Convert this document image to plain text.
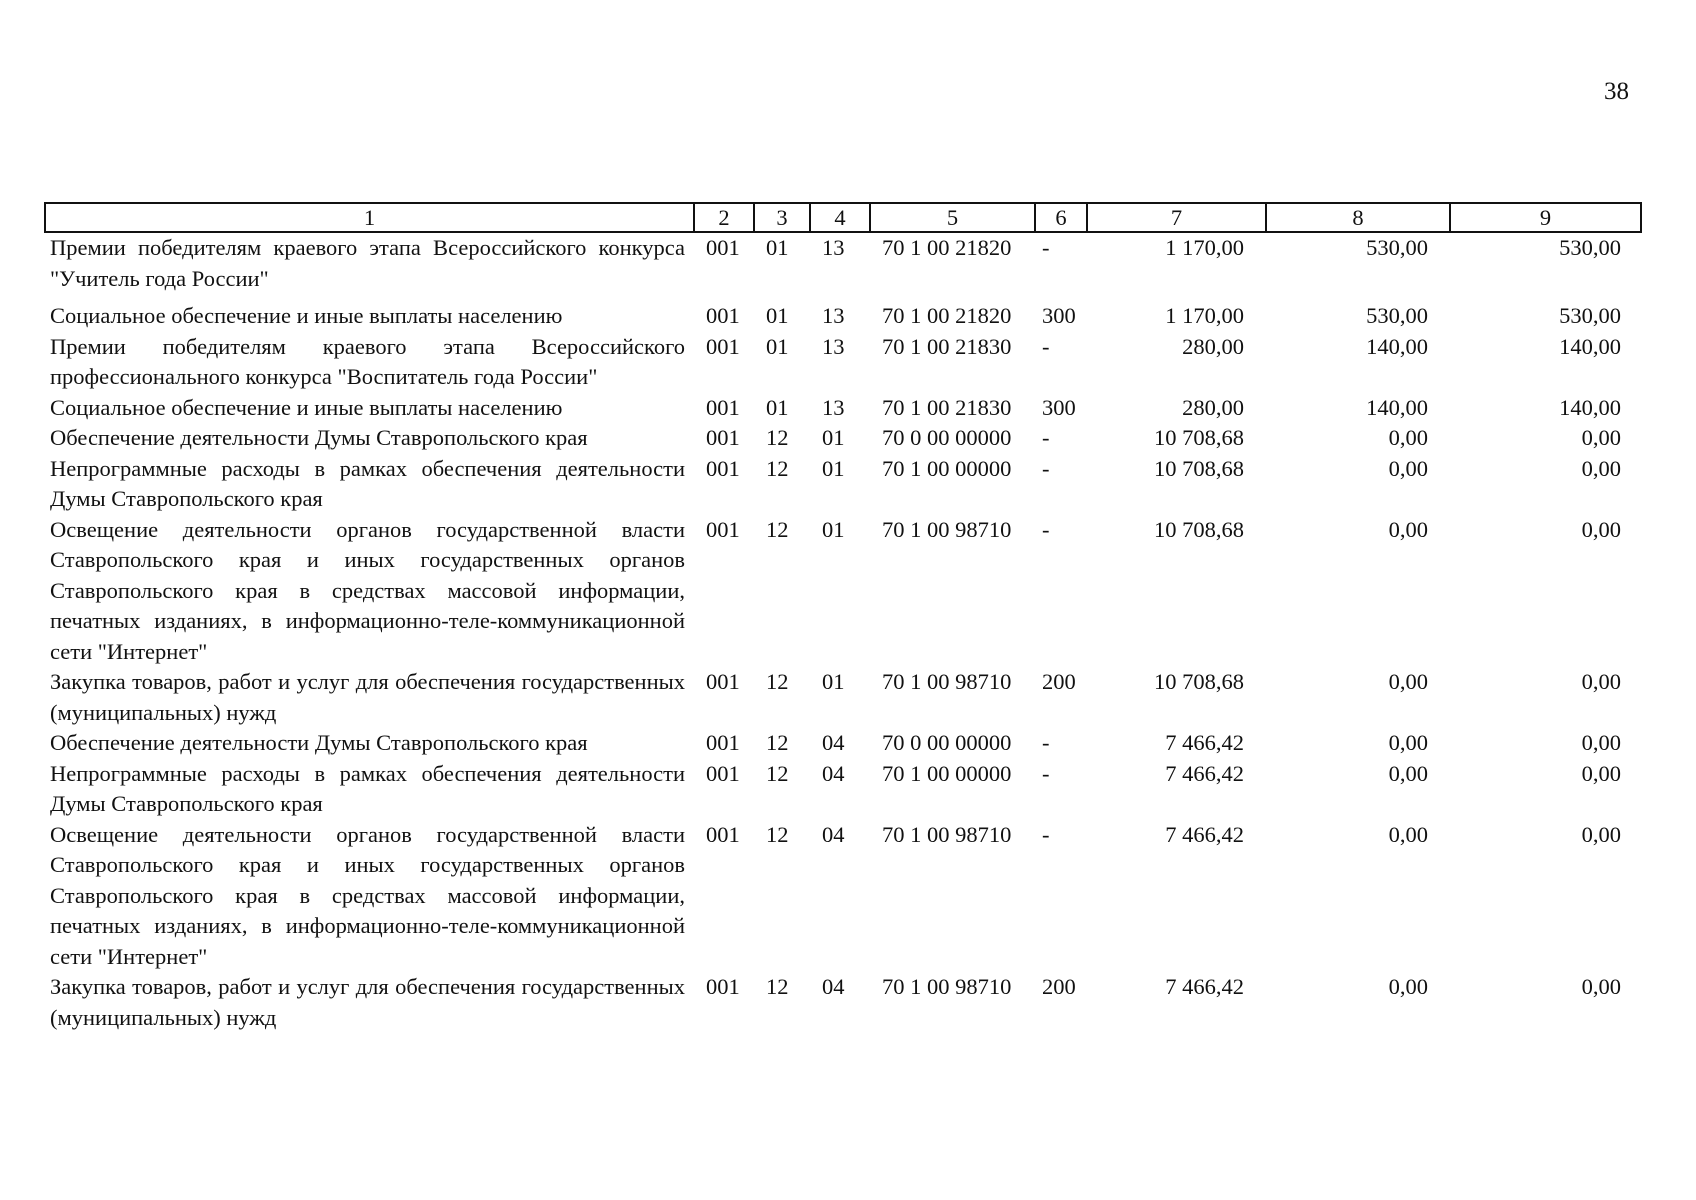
38
1	2	3	4	5	6	7	8	9
Премии победителям краевого этапа Всероссийского конкурса "Учитель года России"	001	01	13	70 1 00 21820	-	1 170,00	530,00	530,00
Социальное обеспечение и иные выплаты населению	001	01	13	70 1 00 21820	300	1 170,00	530,00	530,00
Премии победителям краевого этапа Всероссийского профессионального конкурса "Воспитатель года России"	001	01	13	70 1 00 21830	-	280,00	140,00	140,00
Социальное обеспечение и иные выплаты населению	001	01	13	70 1 00 21830	300	280,00	140,00	140,00
Обеспечение деятельности Думы Ставропольского края	001	12	01	70 0 00 00000	-	10 708,68	0,00	0,00
Непрограммные расходы в рамках обеспечения деятельности Думы Ставропольского края	001	12	01	70 1 00 00000	-	10 708,68	0,00	0,00
Освещение деятельности органов государственной власти Ставропольского края и иных государственных органов Ставропольского края в средствах массовой информации, печатных изданиях, в информационно-теле-коммуникационной сети "Интернет"	001	12	01	70 1 00 98710	-	10 708,68	0,00	0,00
Закупка товаров, работ и услуг для обеспечения государственных (муниципальных) нужд	001	12	01	70 1 00 98710	200	10 708,68	0,00	0,00
Обеспечение деятельности Думы Ставропольского края	001	12	04	70 0 00 00000	-	7 466,42	0,00	0,00
Непрограммные расходы в рамках обеспечения деятельности Думы Ставропольского края	001	12	04	70 1 00 00000	-	7 466,42	0,00	0,00
Освещение деятельности органов государственной власти Ставропольского края и иных государственных органов Ставропольского края в средствах массовой информации, печатных изданиях, в информационно-теле-коммуникационной сети "Интернет"	001	12	04	70 1 00 98710	-	7 466,42	0,00	0,00
Закупка товаров, работ и услуг для обеспечения государственных (муниципальных) нужд	001	12	04	70 1 00 98710	200	7 466,42	0,00	0,00
